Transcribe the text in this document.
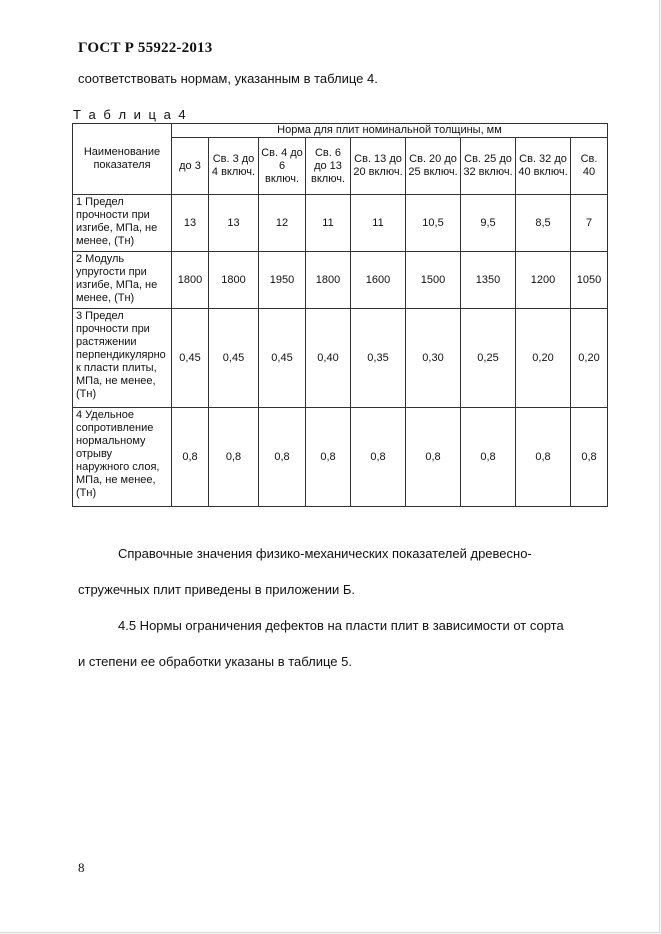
ГОСТ Р 55922-2013
соответствовать нормам, указанным в таблице 4.
Т а б л и ц а 4
Наименование показателя	Норма для плит номинальной толщины, мм								
	до 3	Св. 3 до 4 включ.	Св. 4 до 6 включ.	Св. 6 до 13 включ.	Св. 13 до 20 включ.	Св. 20 до 25 включ.	Св. 25 до 32 включ.	Св. 32 до 40 включ.	Св. 40
1 Предел прочности при изгибе, МПа, не менее, (Тн)	13	13	12	11	11	10,5	9,5	8,5	7
2 Модуль упругости при изгибе, МПа, не менее, (Тн)	1800	1800	1950	1800	1600	1500	1350	1200	1050
3 Предел прочности при растяжении перпендикулярно к пласти плиты, МПа, не менее, (Тн)	0,45	0,45	0,45	0,40	0,35	0,30	0,25	0,20	0,20
4 Удельное сопротивление нормальному отрыву наружного слоя, МПа, не менее, (Тн)	0,8	0,8	0,8	0,8	0,8	0,8	0,8	0,8	0,8
Справочные значения физико-механических показателей древесно-
стружечных плит приведены в приложении Б.
4.5 Нормы ограничения дефектов на пласти плит в зависимости от сорта
и степени ее обработки указаны в таблице 5.
8
